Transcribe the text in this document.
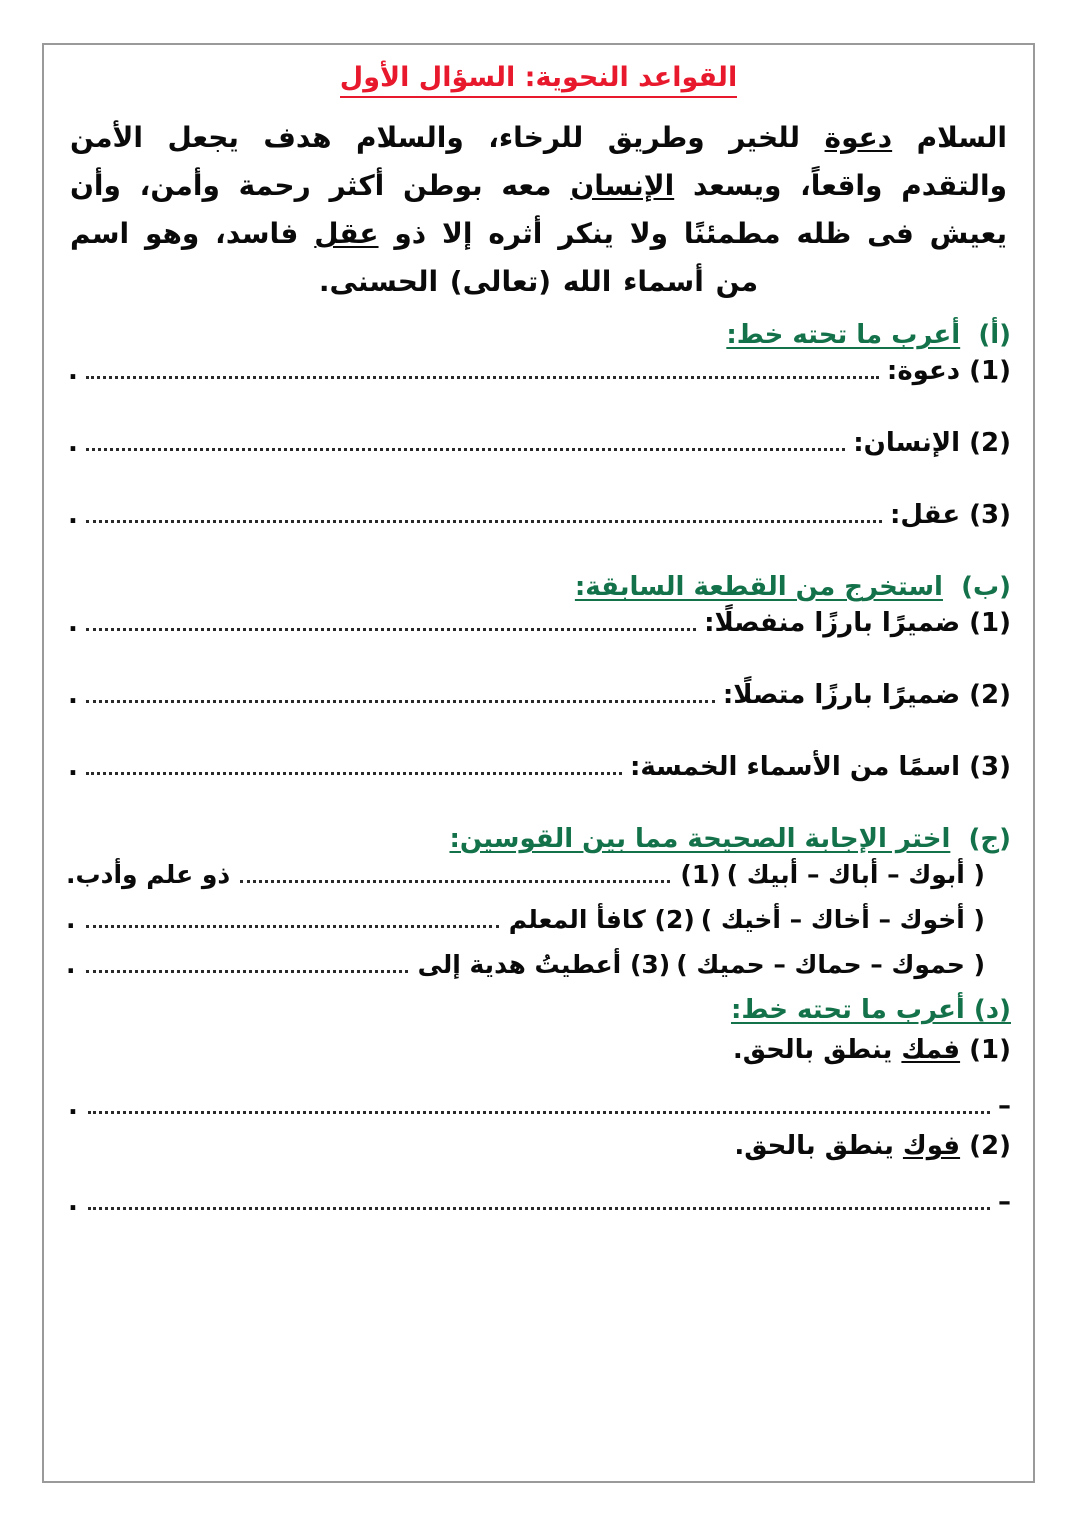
القواعد النحوية: السؤال الأول
السلام دعوة للخير وطريق للرخاء، والسلام هدف يجعل الأمن والتقدم واقعاً، ويسعد الإنسان معه بوطن أكثر رحمة وأمن، وأن يعيش فى ظله مطمئنًا ولا ينكر أثره إلا ذو عقل فاسد، وهو اسم من أسماء الله (تعالى) الحسنى.
(أ)  أعرب ما تحته خط:
(1) دعوة:
.
(2) الإنسان:
.
(3) عقل:
.
(ب)  استخرج من القطعة السابقة:
(1) ضميرًا بارزًا منفصلًا:
.
(2) ضميرًا بارزًا متصلًا:
.
(3) اسمًا من الأسماء الخمسة:
.
(ج)  اختر الإجابة الصحيحة مما بين القوسين:
( أبوك – أباك – أبيك )
(1)
ذو علم وأدب.
( أخوك – أخاك – أخيك )
(2)

كافأ المعلم
.
( حموك – حماك – حميك )
(3)

أعطيتُ هدية إلى
.
(د) أعرب ما تحته خط:
(1) فمك ينطق بالحق.
–
.
(2) فوك ينطق بالحق.
–
.
